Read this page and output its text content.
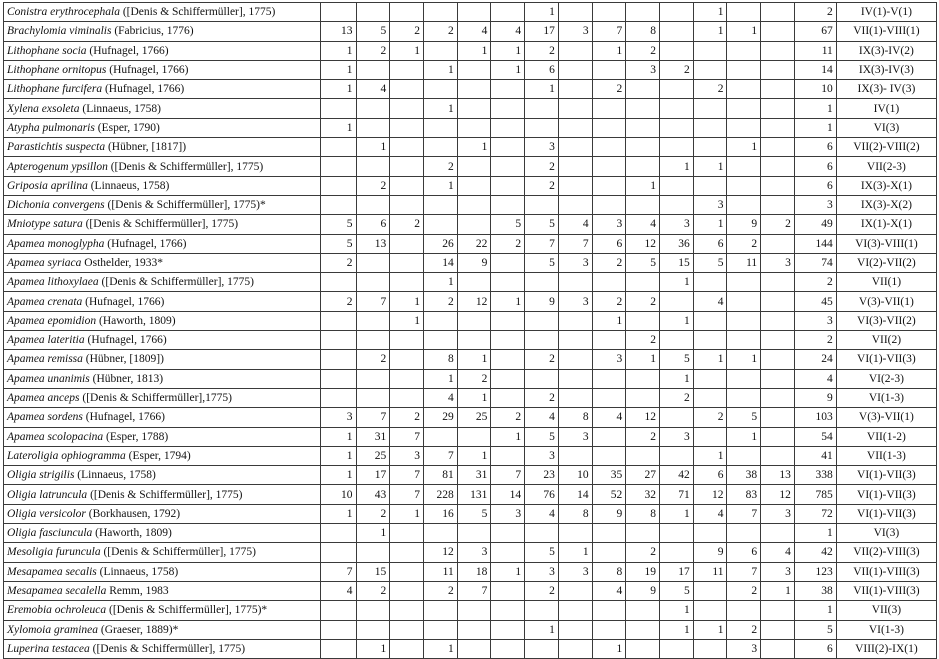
Conistra erythrocephala ([Denis & Schiffermüller], 1775)							1					1			2	IV(1)-V(1)
Brachylomia viminalis (Fabricius, 1776)	13	5	2	2	4	4	17	3	7	8		1	1		67	VII(1)-VIII(1)
Lithophane socia (Hufnagel, 1766)	1	2	1		1	1	2		1	2					11	IX(3)-IV(2)
Lithophane ornitopus (Hufnagel, 1766)	1			1		1	6			3	2				14	IX(3)-IV(3)
Lithophane furcifera (Hufnagel, 1766)	1	4					1		2			2			10	IX(3)- IV(3)
Xylena exsoleta (Linnaeus, 1758)				1											1	IV(1)
Atypha pulmonaris (Esper, 1790)	1														1	VI(3)
Parastichtis suspecta (Hübner, [1817])		1			1		3						1		6	VII(2)-VIII(2)
Apterogenum ypsillon ([Denis & Schiffermüller], 1775)				2			2				1	1			6	VII(2-3)
Griposia aprilina (Linnaeus, 1758)		2		1			2			1					6	IX(3)-X(1)
Dichonia convergens ([Denis & Schiffermüller], 1775)*												3			3	IX(3)-X(2)
Mniotype satura ([Denis & Schiffermüller], 1775)	5	6	2			5	5	4	3	4	3	1	9	2	49	IX(1)-X(1)
Apamea monoglypha (Hufnagel, 1766)	5	13		26	22	2	7	7	6	12	36	6	2		144	VI(3)-VIII(1)
Apamea syriaca Osthelder, 1933*	2			14	9		5	3	2	5	15	5	11	3	74	VI(2)-VII(2)
Apamea lithoxylaea ([Denis & Schiffermüller], 1775)				1							1				2	VII(1)
Apamea crenata (Hufnagel, 1766)	2	7	1	2	12	1	9	3	2	2		4			45	V(3)-VII(1)
Apamea epomidion (Haworth, 1809)			1						1		1				3	VI(3)-VII(2)
Apamea lateritia (Hufnagel, 1766)										2					2	VII(2)
Apamea remissa (Hübner, [1809])		2		8	1		2		3	1	5	1	1		24	VI(1)-VII(3)
Apamea unanimis (Hübner, 1813)				1	2						1				4	VI(2-3)
Apamea anceps ([Denis & Schiffermüller],1775)				4	1		2				2				9	VI(1-3)
Apamea sordens (Hufnagel, 1766)	3	7	2	29	25	2	4	8	4	12		2	5		103	V(3)-VII(1)
Apamea scolopacina (Esper, 1788)	1	31	7			1	5	3		2	3		1		54	VII(1-2)
Lateroligia ophiogramma (Esper, 1794)	1	25	3	7	1		3					1			41	VII(1-3)
Oligia strigilis (Linnaeus, 1758)	1	17	7	81	31	7	23	10	35	27	42	6	38	13	338	VI(1)-VII(3)
Oligia latruncula ([Denis & Schiffermüller], 1775)	10	43	7	228	131	14	76	14	52	32	71	12	83	12	785	VI(1)-VII(3)
Oligia versicolor (Borkhausen, 1792)	1	2	1	16	5	3	4	8	9	8	1	4	7	3	72	VI(1)-VII(3)
Oligia fasciuncula (Haworth, 1809)		1													1	VI(3)
Mesoligia furuncula ([Denis & Schiffermüller], 1775)				12	3		5	1		2		9	6	4	42	VII(2)-VIII(3)
Mesapamea secalis (Linnaeus, 1758)	7	15		11	18	1	3	3	8	19	17	11	7	3	123	VII(1)-VIII(3)
Mesapamea secalella Remm, 1983	4	2		2	7		2		4	9	5		2	1	38	VII(1)-VIII(3)
Eremobia ochroleuca ([Denis & Schiffermüller], 1775)*											1				1	VII(3)
Xylomoia graminea (Graeser, 1889)*							1				1	1	2		5	VI(1-3)
Luperina testacea ([Denis & Schiffermüller], 1775)		1		1					1				3		6	VIII(2)-IX(1)
